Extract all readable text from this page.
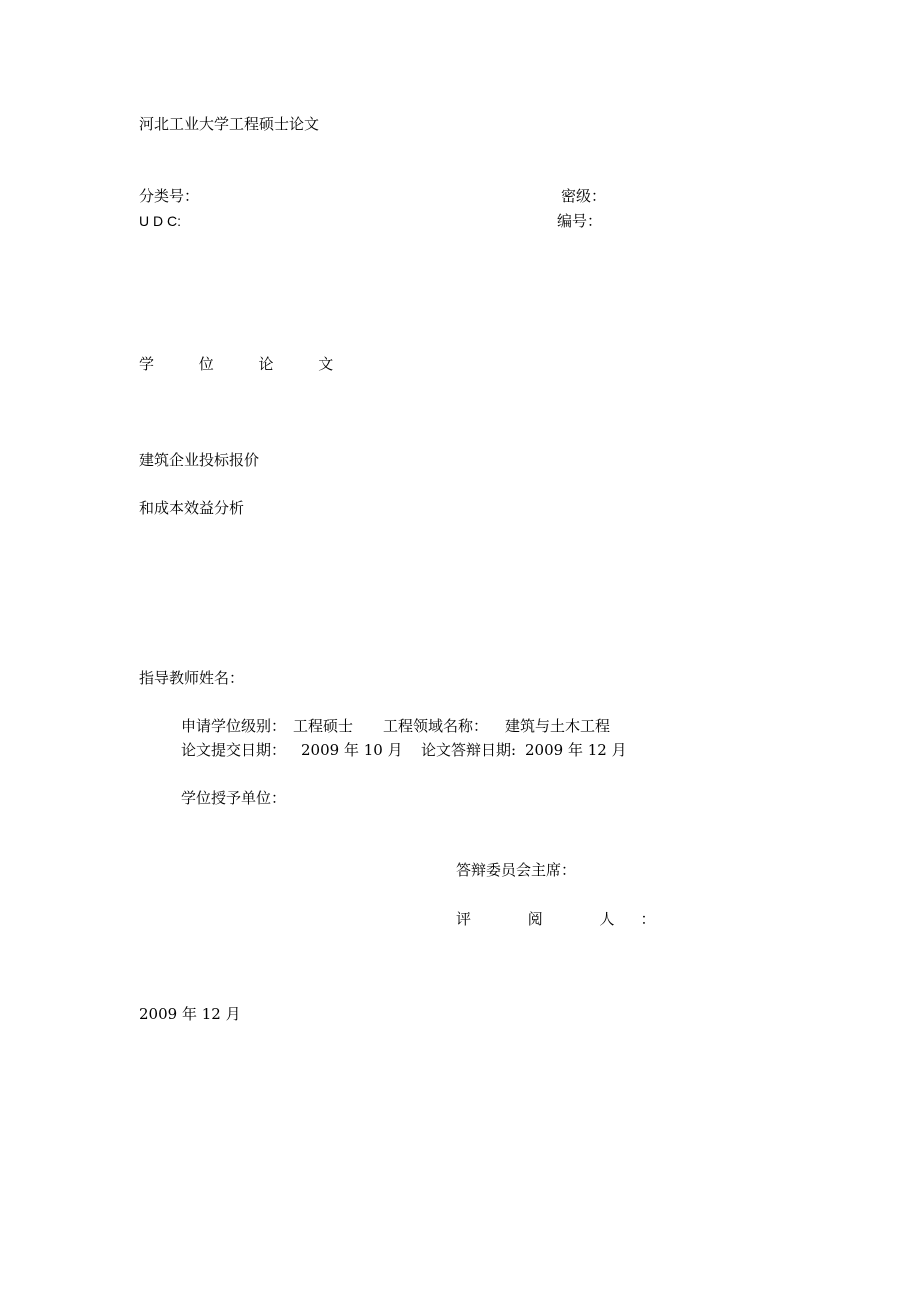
河北工业大学工程硕士论文
分类号：	密级：
U D C:	编号：
学 位 论 文
建筑企业投标报价
和成本效益分析
指导教师姓名：
申请学位级别： 工程硕士 工程领域名称： 建筑与土木工程
论文提交日期： 2009 年 10 月 论文答辩日期: 2009 年 12 月
学位授予单位：
答辩委员会主席：
评 阅 人：
2009 年 12 月
